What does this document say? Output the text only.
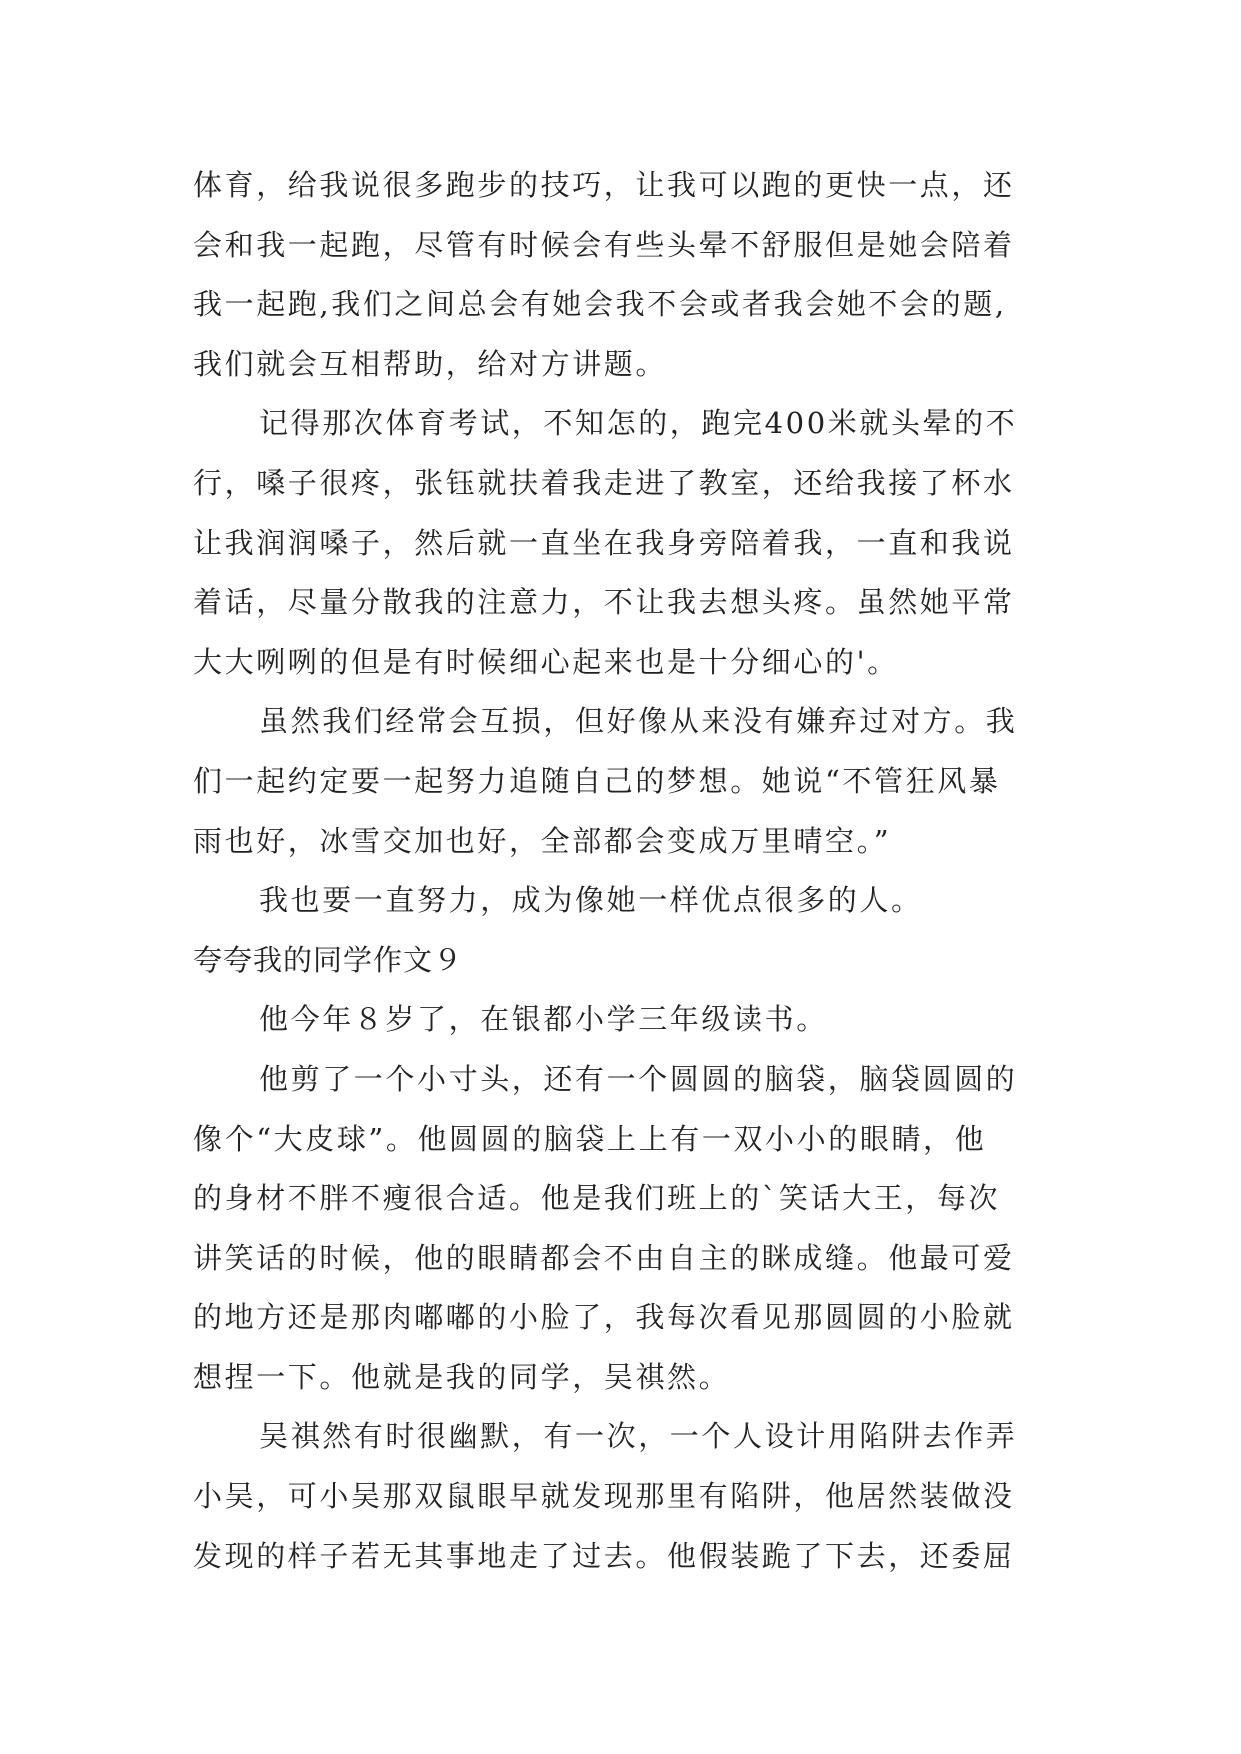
体育，给我说很多跑步的技巧，让我可以跑的更快一点，还
会和我一起跑，尽管有时候会有些头晕不舒服但是她会陪着
我一起跑,我们之间总会有她会我不会或者我会她不会的题,
我们就会互相帮助，给对方讲题。
记得那次体育考试，不知怎的，跑完400米就头晕的不
行，嗓子很疼，张钰就扶着我走进了教室，还给我接了杯水
让我润润嗓子，然后就一直坐在我身旁陪着我，一直和我说
着话，尽量分散我的注意力，不让我去想头疼。虽然她平常
大大咧咧的但是有时候细心起来也是十分细心的'。
虽然我们经常会互损，但好像从来没有嫌弃过对方。我
们一起约定要一起努力追随自己的梦想。她说“不管狂风暴
雨也好，冰雪交加也好，全部都会变成万里晴空。”
我也要一直努力，成为像她一样优点很多的人。
夸夸我的同学作文９
他今年８岁了，在银都小学三年级读书。
他剪了一个小寸头，还有一个圆圆的脑袋，脑袋圆圆的
像个“大皮球”。他圆圆的脑袋上上有一双小小的眼睛，他
的身材不胖不瘦很合适。他是我们班上的`笑话大王，每次
讲笑话的时候，他的眼睛都会不由自主的眯成缝。他最可爱
的地方还是那肉嘟嘟的小脸了，我每次看见那圆圆的小脸就
想捏一下。他就是我的同学，吴祺然。
吴祺然有时很幽默，有一次，一个人设计用陷阱去作弄
小吴，可小吴那双鼠眼早就发现那里有陷阱，他居然装做没
发现的样子若无其事地走了过去。他假装跪了下去，还委屈
